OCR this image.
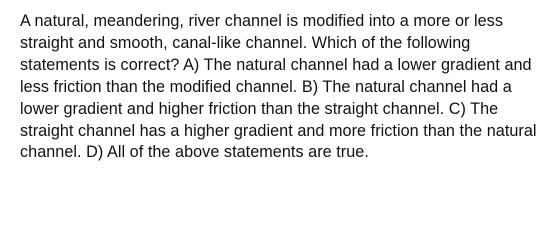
A natural, meandering, river channel is modified into a more or less straight and smooth, canal-like channel. Which of the following statements is correct? A) The natural channel had a lower gradient and less friction than the modified channel. B) The natural channel had a lower gradient and higher friction than the straight channel. C) The straight channel has a higher gradient and more friction than the natural channel. D) All of the above statements are true.
